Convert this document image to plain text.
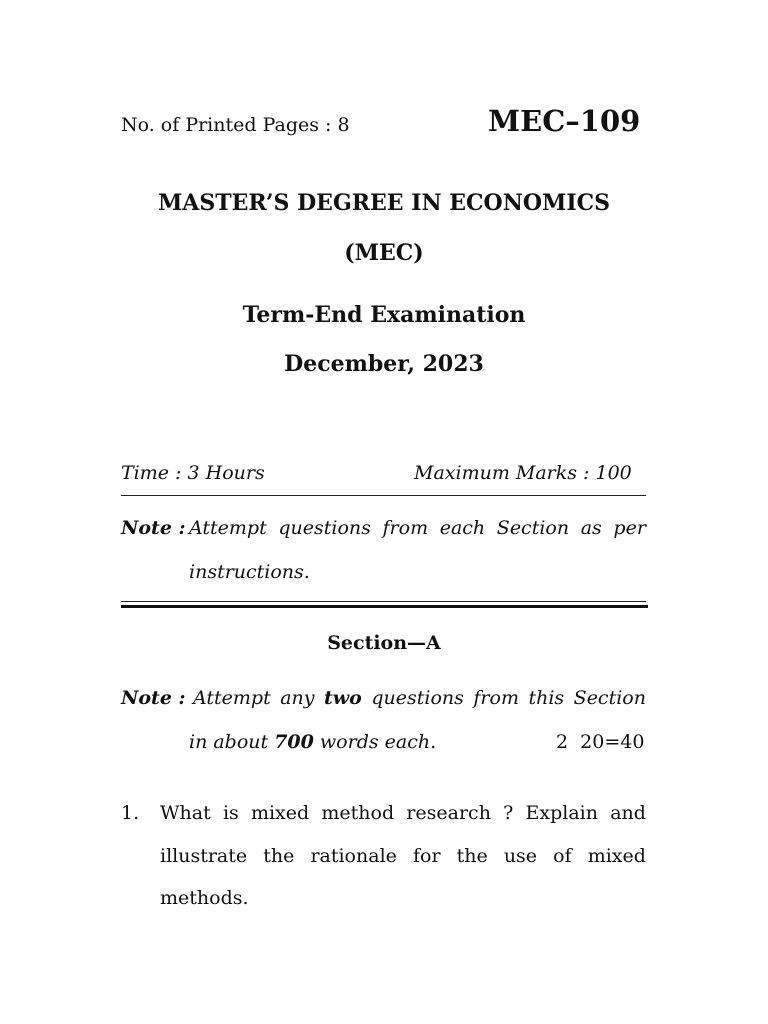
No. of Printed Pages : 8	MEC–109
MASTER’S DEGREE IN ECONOMICS
(MEC)
Term-End Examination
December, 2023
Time : 3 Hours	Maximum Marks : 100
Note : Attempt questions from each Section as per
instructions.
Section—A
Note : Attempt any two questions from this Section
in about 700 words each.	2  20=40
1. What is mixed method research ? Explain and
illustrate the rationale for the use of mixed
methods.
